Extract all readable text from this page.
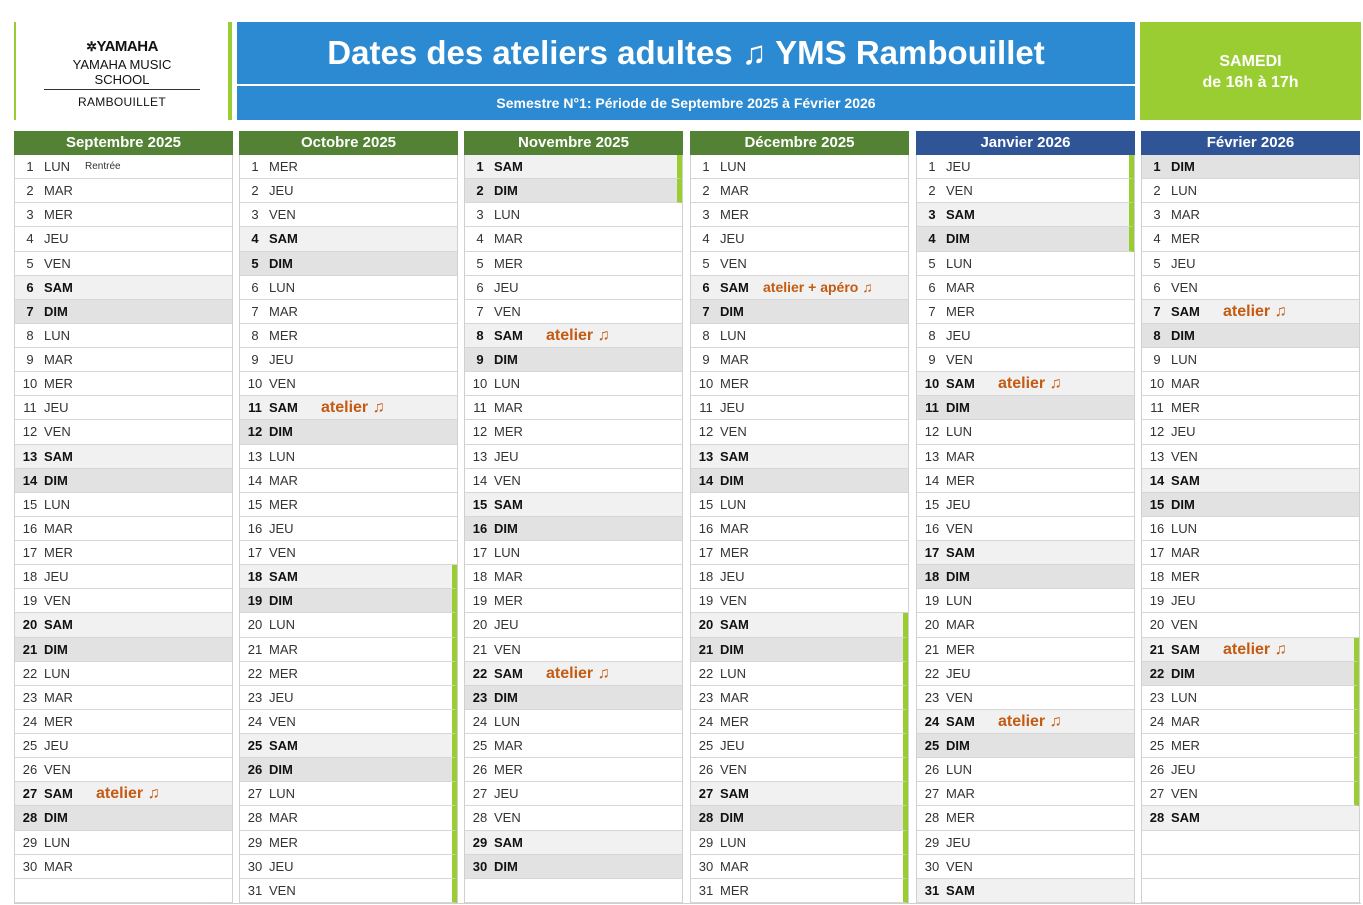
✲YAMAHA
YAMAHA MUSIC SCHOOL
RAMBOUILLET
Dates des ateliers adultes ♫ YMS Rambouillet
Semestre N°1: Période de Septembre 2025 à Février 2026
SAMEDI
de 16h à 17h
Septembre 2025
1 LUN Rentrée
2 MAR
3 MER
4 JEU
5 VEN
6 SAM
7 DIM
8 LUN
9 MAR
10 MER
11 JEU
12 VEN
13 SAM
14 DIM
15 LUN
16 MAR
17 MER
18 JEU
19 VEN
20 SAM
21 DIM
22 LUN
23 MAR
24 MER
25 JEU
26 VEN
27 SAM atelier ♫
28 DIM
29 LUN
30 MAR
Octobre 2025
1 MER
2 JEU
3 VEN
4 SAM
5 DIM
6 LUN
7 MAR
8 MER
9 JEU
10 VEN
11 SAM atelier ♫
12 DIM
13 LUN
14 MAR
15 MER
16 JEU
17 VEN
18 SAM
19 DIM
20 LUN
21 MAR
22 MER
23 JEU
24 VEN
25 SAM
26 DIM
27 LUN
28 MAR
29 MER
30 JEU
31 VEN
Novembre 2025
1 SAM
2 DIM
3 LUN
4 MAR
5 MER
6 JEU
7 VEN
8 SAM atelier ♫
9 DIM
10 LUN
11 MAR
12 MER
13 JEU
14 VEN
15 SAM
16 DIM
17 LUN
18 MAR
19 MER
20 JEU
21 VEN
22 SAM atelier ♫
23 DIM
24 LUN
25 MAR
26 MER
27 JEU
28 VEN
29 SAM
30 DIM
Décembre 2025
1 LUN
2 MAR
3 MER
4 JEU
5 VEN
6 SAM atelier + apéro ♫
7 DIM
8 LUN
9 MAR
10 MER
11 JEU
12 VEN
13 SAM
14 DIM
15 LUN
16 MAR
17 MER
18 JEU
19 VEN
20 SAM
21 DIM
22 LUN
23 MAR
24 MER
25 JEU
26 VEN
27 SAM
28 DIM
29 LUN
30 MAR
31 MER
Janvier 2026
1 JEU
2 VEN
3 SAM
4 DIM
5 LUN
6 MAR
7 MER
8 JEU
9 VEN
10 SAM atelier ♫
11 DIM
12 LUN
13 MAR
14 MER
15 JEU
16 VEN
17 SAM
18 DIM
19 LUN
20 MAR
21 MER
22 JEU
23 VEN
24 SAM atelier ♫
25 DIM
26 LUN
27 MAR
28 MER
29 JEU
30 VEN
31 SAM
Février 2026
1 DIM
2 LUN
3 MAR
4 MER
5 JEU
6 VEN
7 SAM atelier ♫
8 DIM
9 LUN
10 MAR
11 MER
12 JEU
13 VEN
14 SAM
15 DIM
16 LUN
17 MAR
18 MER
19 JEU
20 VEN
21 SAM atelier ♫
22 DIM
23 LUN
24 MAR
25 MER
26 JEU
27 VEN
28 SAM
